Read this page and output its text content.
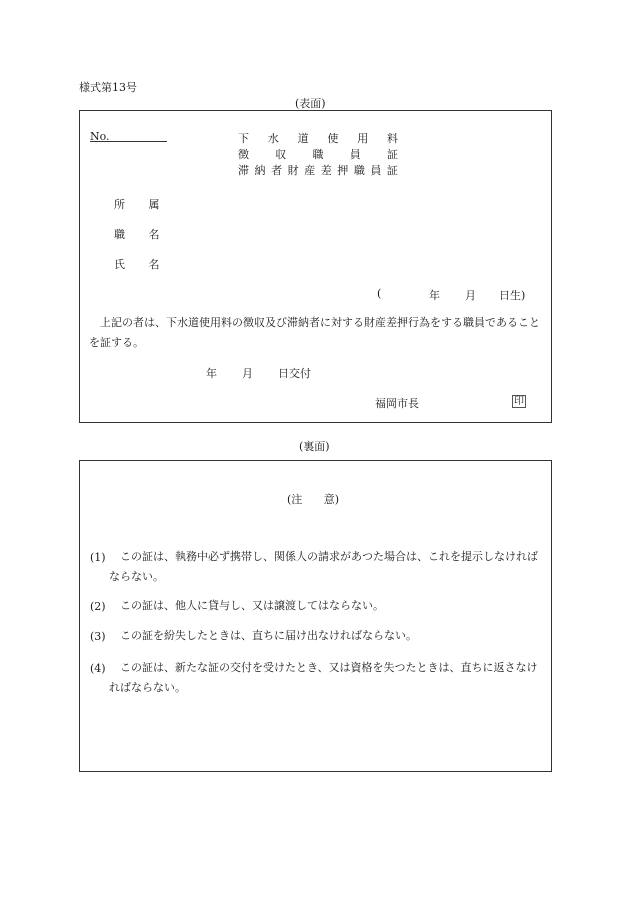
様式第13号
(表面)
No.	下 水 道 使 用 料
徴 収 職 員 証
滞 納 者 財 産 差 押 職 員 証
所 属
職 名
氏 名
(	年 月 日生)
上記の者は、下水道使用料の徴収及び滞納者に対する財産差押行為をする職員であることを証する。
年 月 日交付
福岡市長	印
(裏面)
(注 意)
(1)	この証は、執務中必ず携帯し、関係人の請求があつた場合は、これを提示しなければならない。
(2)	この証は、他人に貸与し、又は譲渡してはならない。
(3)	この証を紛失したときは、直ちに届け出なければならない。
(4)	この証は、新たな証の交付を受けたとき、又は資格を失つたときは、直ちに返さなければならない。
